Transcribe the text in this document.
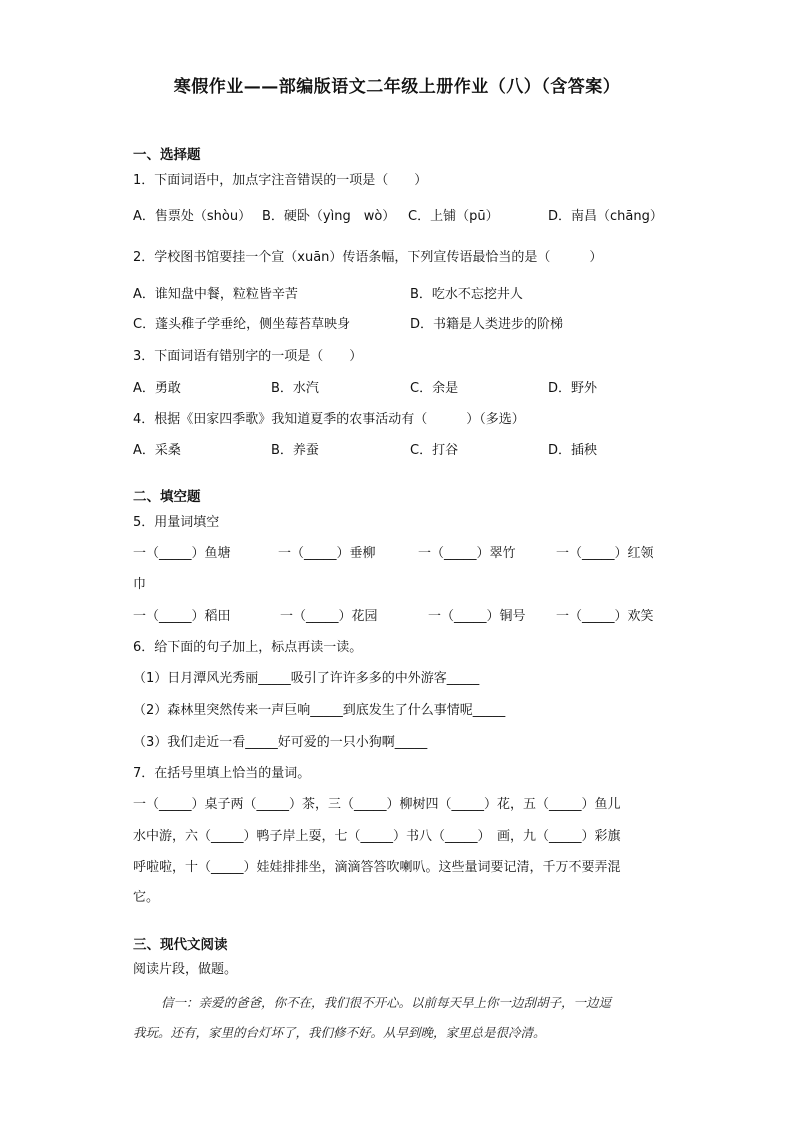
寒假作业——部编版语文二年级上册作业（八）（含答案）
一、选择题
1．下面词语中，加点字注音错误的一项是（　　）
A．售票处（shòu） B．硬卧（yìng　wò） C．上铺（pū）	D．南昌（chāng）
2．学校图书馆要挂一个宣（xuān）传语条幅，下列宣传语最恰当的是（　　　）
A．谁知盘中餐，粒粒皆辛苦	B．吃水不忘挖井人
C．蓬头稚子学垂纶，侧坐莓苔草映身	D．书籍是人类进步的阶梯
3．下面词语有错别字的一项是（　　）
A．勇敢	B．水汽	C．余是	D．野外
4．根据《田家四季歌》我知道夏季的农事活动有（　　　）（多选）
A．采桑	B．养蚕	C．打谷	D．插秧
二、填空题
5．用量词填空
一（_____）鱼塘	一（_____）垂柳	一（_____）翠竹	一（_____）红领
巾
一（_____）稻田	一（_____）花园	一（_____）铜号 一（_____）欢笑
6．给下面的句子加上，标点再读一读。
（1）日月潭风光秀丽_____吸引了许许多多的中外游客_____
（2）森林里突然传来一声巨响_____到底发生了什么事情呢_____
（3）我们走近一看_____好可爱的一只小狗啊_____
7．在括号里填上恰当的量词。
一（_____）桌子两（_____）茶，三（_____）柳树四（_____）花，五（_____）鱼儿
水中游，六（_____）鸭子岸上耍，七（_____）书八（_____）　画，九（_____）彩旗
呼啦啦，十（_____）娃娃排排坐，滴滴答答吹喇叭。这些量词要记清，千万不要弄混
它。
三、现代文阅读
阅读片段，做题。
信一：亲爱的爸爸，你不在，我们很不开心。以前每天早上你一边刮胡子，一边逗
我玩。还有，家里的台灯坏了，我们修不好。从早到晚，家里总是很冷清。
